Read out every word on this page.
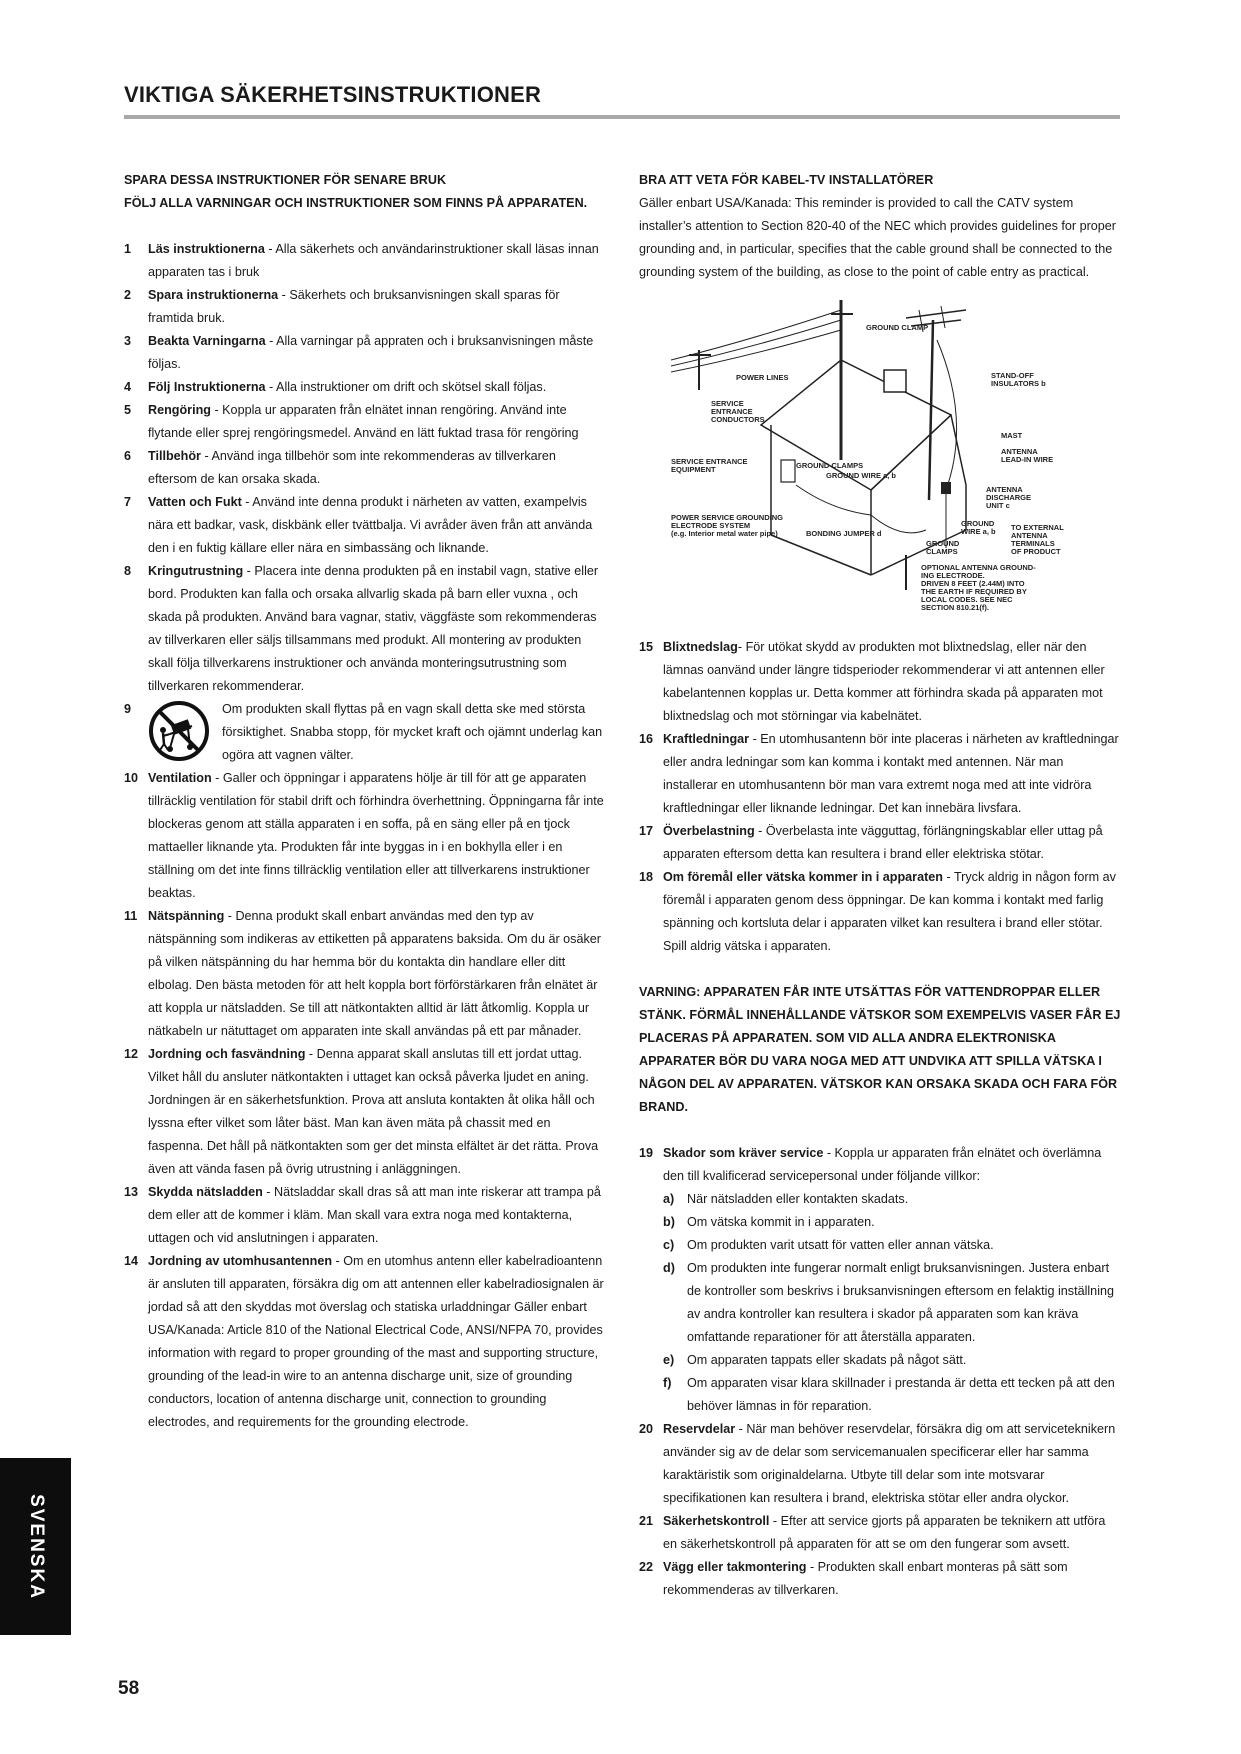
VIKTIGA SÄKERHETSINSTRUKTIONER
SPARA DESSA INSTRUKTIONER FÖR SENARE BRUK
FÖLJ ALLA VARNINGAR OCH INSTRUKTIONER SOM FINNS PÅ APPARATEN.
1	Läs instruktionerna - Alla säkerhets och användarinstruktioner skall läsas innan apparaten tas i bruk
2	Spara instruktionerna - Säkerhets och bruksanvisningen skall sparas för framtida bruk.
3	Beakta Varningarna - Alla varningar på appraten och i bruksanvisningen måste följas.
4	Följ Instruktionerna - Alla instruktioner om drift och skötsel skall följas.
5	Rengöring - Koppla ur apparaten från elnätet innan rengöring. Använd inte flytande eller sprej rengöringsmedel. Använd en lätt fuktad trasa för rengöring
6	Tillbehör - Använd inga tillbehör som inte rekommenderas av tillverkaren eftersom de kan orsaka skada.
7	Vatten och Fukt - Använd inte denna produkt i närheten av vatten, exampelvis nära ett badkar, vask, diskbänk eller tvättbalja. Vi avråder även från att använda den i en fuktig källare eller nära en simbassäng och liknande.
8	Kringutrustning - Placera inte denna produkten på en instabil vagn, stative eller bord. Produkten kan falla och orsaka allvarlig skada på barn eller vuxna , och skada på produkten. Använd bara vagnar, stativ, väggfäste som rekommenderas av tillverkaren eller säljs tillsammans med produkt. All montering av produkten skall följa tillverkarens instruktioner och använda monteringsutrustning som tillverkaren rekommenderar.
9	Om produkten skall flyttas på en vagn skall detta ske med största försiktighet. Snabba stopp, för mycket kraft och ojämnt underlag kan ogöra att vagnen välter.
10 Ventilation - Galler och öppningar i apparatens hölje är till för att ge apparaten tillräcklig ventilation för stabil drift och förhindra överhettning. Öppningarna får inte blockeras genom att ställa apparaten i en soffa, på en säng eller på en tjock mattaeller liknande yta. Produkten får inte byggas in i en bokhylla eller i en ställning om det inte finns tillräcklig ventilation eller att tillverkarens instruktioner beaktas.
11 Nätspänning - Denna produkt skall enbart användas med den typ av nätspänning som indikeras av ettiketten på apparatens baksida. Om du är osäker på vilken nätspänning du har hemma bör du kontakta din handlare eller ditt elbolag. Den bästa metoden för att helt koppla bort förförstärkaren från elnätet är att koppla ur nätsladden. Se till att nätkontakten alltid är lätt åtkomlig. Koppla ur nätkabeln ur nätuttaget om apparaten inte skall användas på ett par månader.
12 Jordning och fasvändning - Denna apparat skall anslutas till ett jordat uttag. Vilket håll du ansluter nätkontakten i uttaget kan också påverka ljudet en aning. Jordningen är en säkerhetsfunktion. Prova att ansluta kontakten åt olika håll och lyssna efter vilket som låter bäst. Man kan även mäta på chassit med en faspenna. Det håll på nätkontakten som ger det minsta elfältet är det rätta. Prova även att vända fasen på övrig utrustning i anläggningen.
13 Skydda nätsladden - Nätsladdar skall dras så att man inte riskerar att trampa på dem eller att de kommer i kläm. Man skall vara extra noga med kontakterna, uttagen och vid anslutningen i apparaten.
14 Jordning av utomhusantennen - Om en utomhus antenn eller kabelradioantenn är ansluten till apparaten, försäkra dig om att antennen eller kabelradiosignalen är jordad så att den skyddas mot överslag och statiska urladdningar Gäller enbart USA/Kanada: Article 810 of the National Electrical Code, ANSI/NFPA 70, provides information with regard to proper grounding of the mast and supporting structure, grounding of the lead-in wire to an antenna discharge unit, size of grounding conductors, location of antenna discharge unit, connection to grounding electrodes, and requirements for the grounding electrode.
BRA ATT VETA FÖR KABEL-TV INSTALLATÖRER
Gäller enbart USA/Kanada: This reminder is provided to call the CATV system installer’s attention to Section 820-40 of the NEC which provides guidelines for proper grounding and, in particular, specifies that the cable ground shall be connected to the grounding system of the building, as close to the point of cable entry as practical.
GROUND CLAMP
POWER LINES	STAND-OFF
INSULATORS b
SERVICE
ENTRANCE
CONDUCTORS
MAST
ANTENNA
LEAD-IN WIRE
SERVICE ENTRANCE
EQUIPMENT	GROUND CLAMPS
GROUND WIRE a, b
ANTENNA
DISCHARGE
UNIT c
POWER SERVICE GROUNDING
ELECTRODE SYSTEM
(e.g. Interior metal water pipe)	BONDING JUMPER d
GROUND
WIRE a, b
GROUND
CLAMPS
TO EXTERNAL
ANTENNA
TERMINALS
OF PRODUCT
OPTIONAL ANTENNA GROUND-
ING ELECTRODE.
DRIVEN 8 FEET (2.44M) INTO
THE EARTH IF REQUIRED BY
LOCAL CODES. SEE NEC
SECTION 810.21(f).
15 Blixtnedslag- För utökat skydd av produkten mot blixtnedslag, eller när den lämnas oanvänd under längre tidsperioder rekommenderar vi att antennen eller kabelantennen kopplas ur. Detta kommer att förhindra skada på apparaten mot blixtnedslag och mot störningar via kabelnätet.
16 Kraftledningar - En utomhusantenn bör inte placeras i närheten av kraftledningar eller andra ledningar som kan komma i kontakt med antennen. När man installerar en utomhusantenn bör man vara extremt noga med att inte vidröra kraftledningar eller liknande ledningar. Det kan innebära livsfara.
17 Överbelastning - Överbelasta inte vägguttag, förlängningskablar eller uttag på apparaten eftersom detta kan resultera i brand eller elektriska stötar.
18 Om föremål eller vätska kommer in i apparaten - Tryck aldrig in någon form av föremål i apparaten genom dess öppningar. De kan komma i kontakt med farlig spänning och kortsluta delar i apparaten vilket kan resultera i brand eller stötar. Spill aldrig vätska i apparaten.
VARNING: APPARATEN FÅR INTE UTSÄTTAS FÖR VATTENDROPPAR ELLER STÄNK. FÖRMÅL INNEHÅLLANDE VÄTSKOR SOM EXEMPELVIS VASER FÅR EJ PLACERAS PÅ APPARATEN. SOM VID ALLA ANDRA ELEKTRONISKA APPARATER BÖR DU VARA NOGA MED ATT UNDVIKA ATT SPILLA VÄTSKA I NÅGON DEL AV APPARATEN. VÄTSKOR KAN ORSAKA SKADA OCH FARA FÖR BRAND.
19 Skador som kräver service - Koppla ur apparaten från elnätet och överlämna den till kvalificerad servicepersonal under följande villkor:
a)	När nätsladden eller kontakten skadats.
b) Om vätska kommit in i apparaten.
c)	Om produkten varit utsatt för vatten eller annan vätska.
d) Om produkten inte fungerar normalt enligt bruksanvisningen. Justera enbart de kontroller som beskrivs i bruksanvisningen eftersom en felaktig inställning av andra kontroller kan resultera i skador på apparaten som kan kräva omfattande reparationer för att återställa apparaten.
e)	Om apparaten tappats eller skadats på något sätt.
f)	Om apparaten visar klara skillnader i prestanda är detta ett tecken på att den behöver lämnas in för reparation.
20 Reservdelar - När man behöver reservdelar, försäkra dig om att serviceteknikern använder sig av de delar som servicemanualen specificerar eller har samma karaktäristik som originaldelarna. Utbyte till delar som inte motsvarar specifikationen kan resultera i brand, elektriska stötar eller andra olyckor.
21 Säkerhetskontroll - Efter att service gjorts på apparaten be teknikern att utföra en säkerhetskontroll på apparaten för att se om den fungerar som avsett.
22 Vägg eller takmontering - Produkten skall enbart monteras på sätt som rekommenderas av tillverkaren.
SVENSKA
58
